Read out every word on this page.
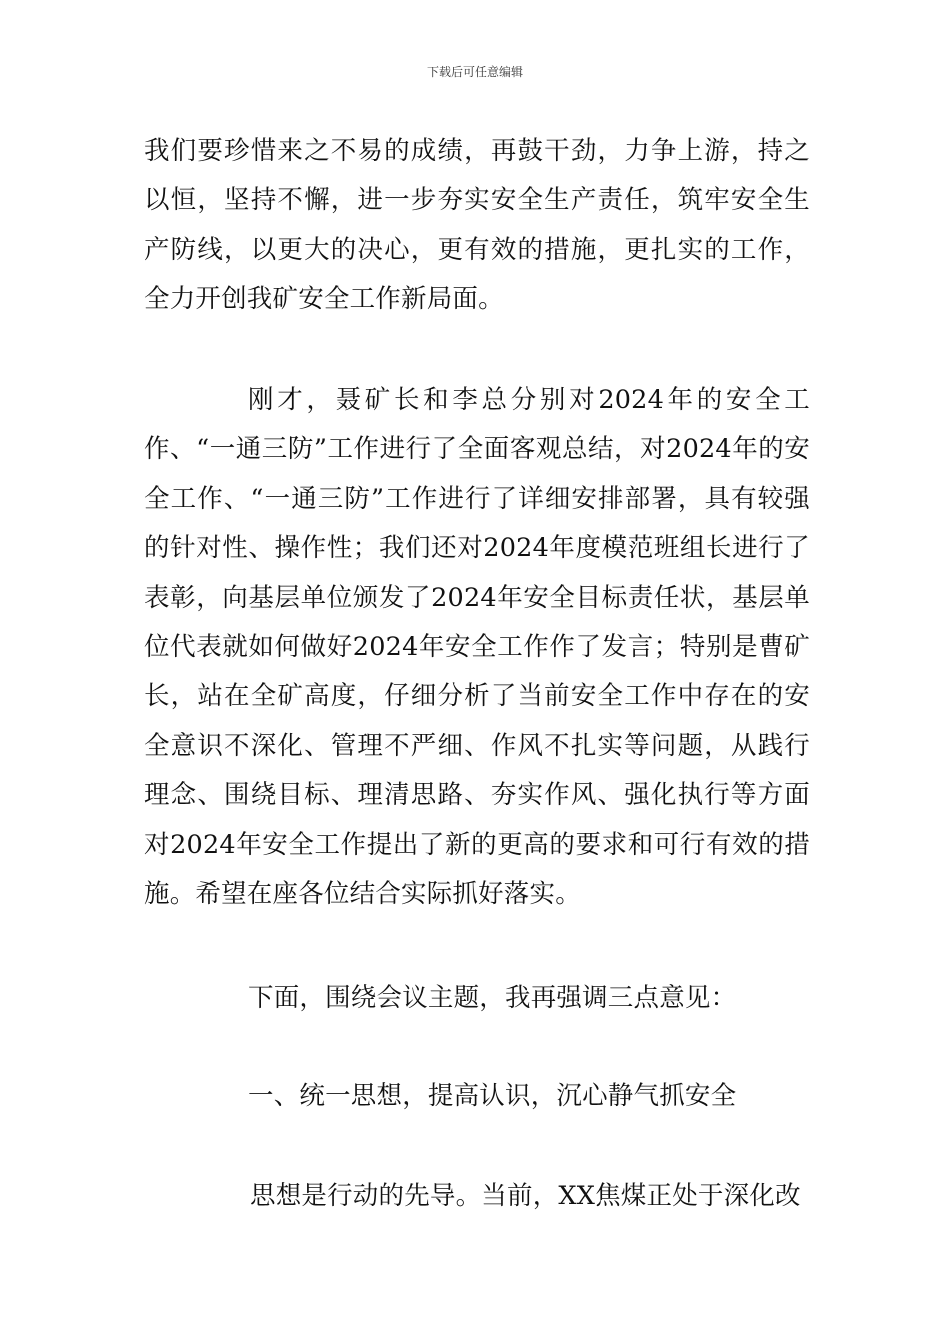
下载后可任意编辑

我们要珍惜来之不易的成绩，再鼓干劲，力争上游，持之以恒，坚持不懈，进一步夯实安全生产责任，筑牢安全生产防线，以更大的决心，更有效的措施，更扎实的工作，全力开创我矿安全工作新局面。

刚才，聂矿长和李总分别对2024年的安全工作、“一通三防”工作进行了全面客观总结，对2024年的安全工作、“一通三防”工作进行了详细安排部署，具有较强的针对性、操作性；我们还对2024年度模范班组长进行了表彰，向基层单位颁发了2024年安全目标责任状，基层单位代表就如何做好2024年安全工作作了发言；特别是曹矿长，站在全矿高度，仔细分析了当前安全工作中存在的安全意识不深化、管理不严细、作风不扎实等问题，从践行理念、围绕目标、理清思路、夯实作风、强化执行等方面对2024年安全工作提出了新的更高的要求和可行有效的措施。希望在座各位结合实际抓好落实。

下面，围绕会议主题，我再强调三点意见：

一、统一思想，提高认识，沉心静气抓安全

思想是行动的先导。当前，XX焦煤正处于深化改
